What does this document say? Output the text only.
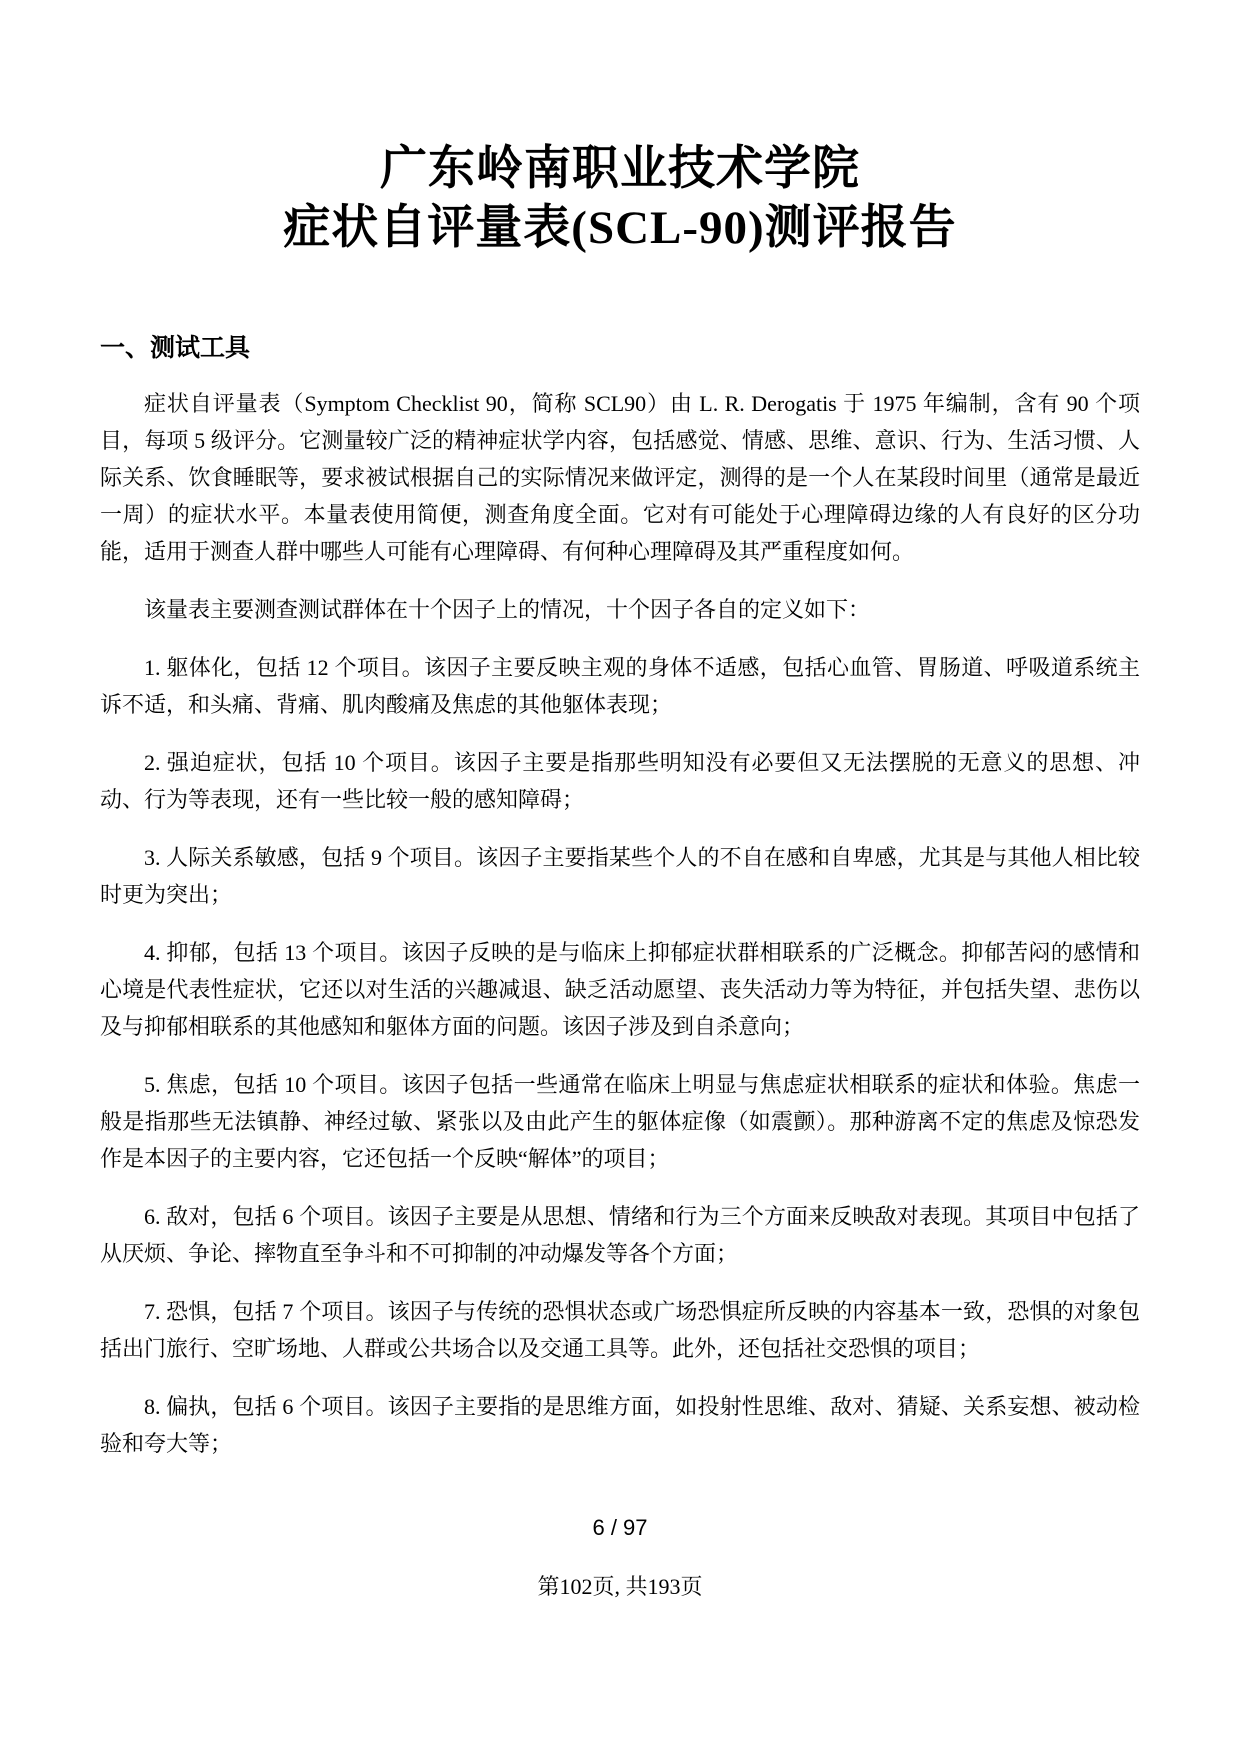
广东岭南职业技术学院
症状自评量表(SCL-90)测评报告
一、测试工具

症状自评量表（Symptom Checklist 90，简称 SCL90）由 L. R. Derogatis 于 1975 年编制，含有 90 个项目，每项 5 级评分。它测量较广泛的精神症状学内容，包括感觉、情感、思维、意识、行为、生活习惯、人际关系、饮食睡眠等，要求被试根据自己的实际情况来做评定，测得的是一个人在某段时间里（通常是最近一周）的症状水平。本量表使用简便，测查角度全面。它对有可能处于心理障碍边缘的人有良好的区分功能，适用于测查人群中哪些人可能有心理障碍、有何种心理障碍及其严重程度如何。

该量表主要测查测试群体在十个因子上的情况，十个因子各自的定义如下：

1. 躯体化，包括 12 个项目。该因子主要反映主观的身体不适感，包括心血管、胃肠道、呼吸道系统主诉不适，和头痛、背痛、肌肉酸痛及焦虑的其他躯体表现；

2. 强迫症状，包括 10 个项目。该因子主要是指那些明知没有必要但又无法摆脱的无意义的思想、冲动、行为等表现，还有一些比较一般的感知障碍；

3. 人际关系敏感，包括 9 个项目。该因子主要指某些个人的不自在感和自卑感，尤其是与其他人相比较时更为突出；

4. 抑郁，包括 13 个项目。该因子反映的是与临床上抑郁症状群相联系的广泛概念。抑郁苦闷的感情和心境是代表性症状，它还以对生活的兴趣减退、缺乏活动愿望、丧失活动力等为特征，并包括失望、悲伤以及与抑郁相联系的其他感知和躯体方面的问题。该因子涉及到自杀意向；

5. 焦虑，包括 10 个项目。该因子包括一些通常在临床上明显与焦虑症状相联系的症状和体验。焦虑一般是指那些无法镇静、神经过敏、紧张以及由此产生的躯体症像（如震颤）。那种游离不定的焦虑及惊恐发作是本因子的主要内容，它还包括一个反映“解体”的项目；

6. 敌对，包括 6 个项目。该因子主要是从思想、情绪和行为三个方面来反映敌对表现。其项目中包括了从厌烦、争论、摔物直至争斗和不可抑制的冲动爆发等各个方面；

7. 恐惧，包括 7 个项目。该因子与传统的恐惧状态或广场恐惧症所反映的内容基本一致，恐惧的对象包括出门旅行、空旷场地、人群或公共场合以及交通工具等。此外，还包括社交恐惧的项目；

8. 偏执，包括 6 个项目。该因子主要指的是思维方面，如投射性思维、敌对、猜疑、关系妄想、被动检验和夸大等；

6 / 97
第102页, 共193页
